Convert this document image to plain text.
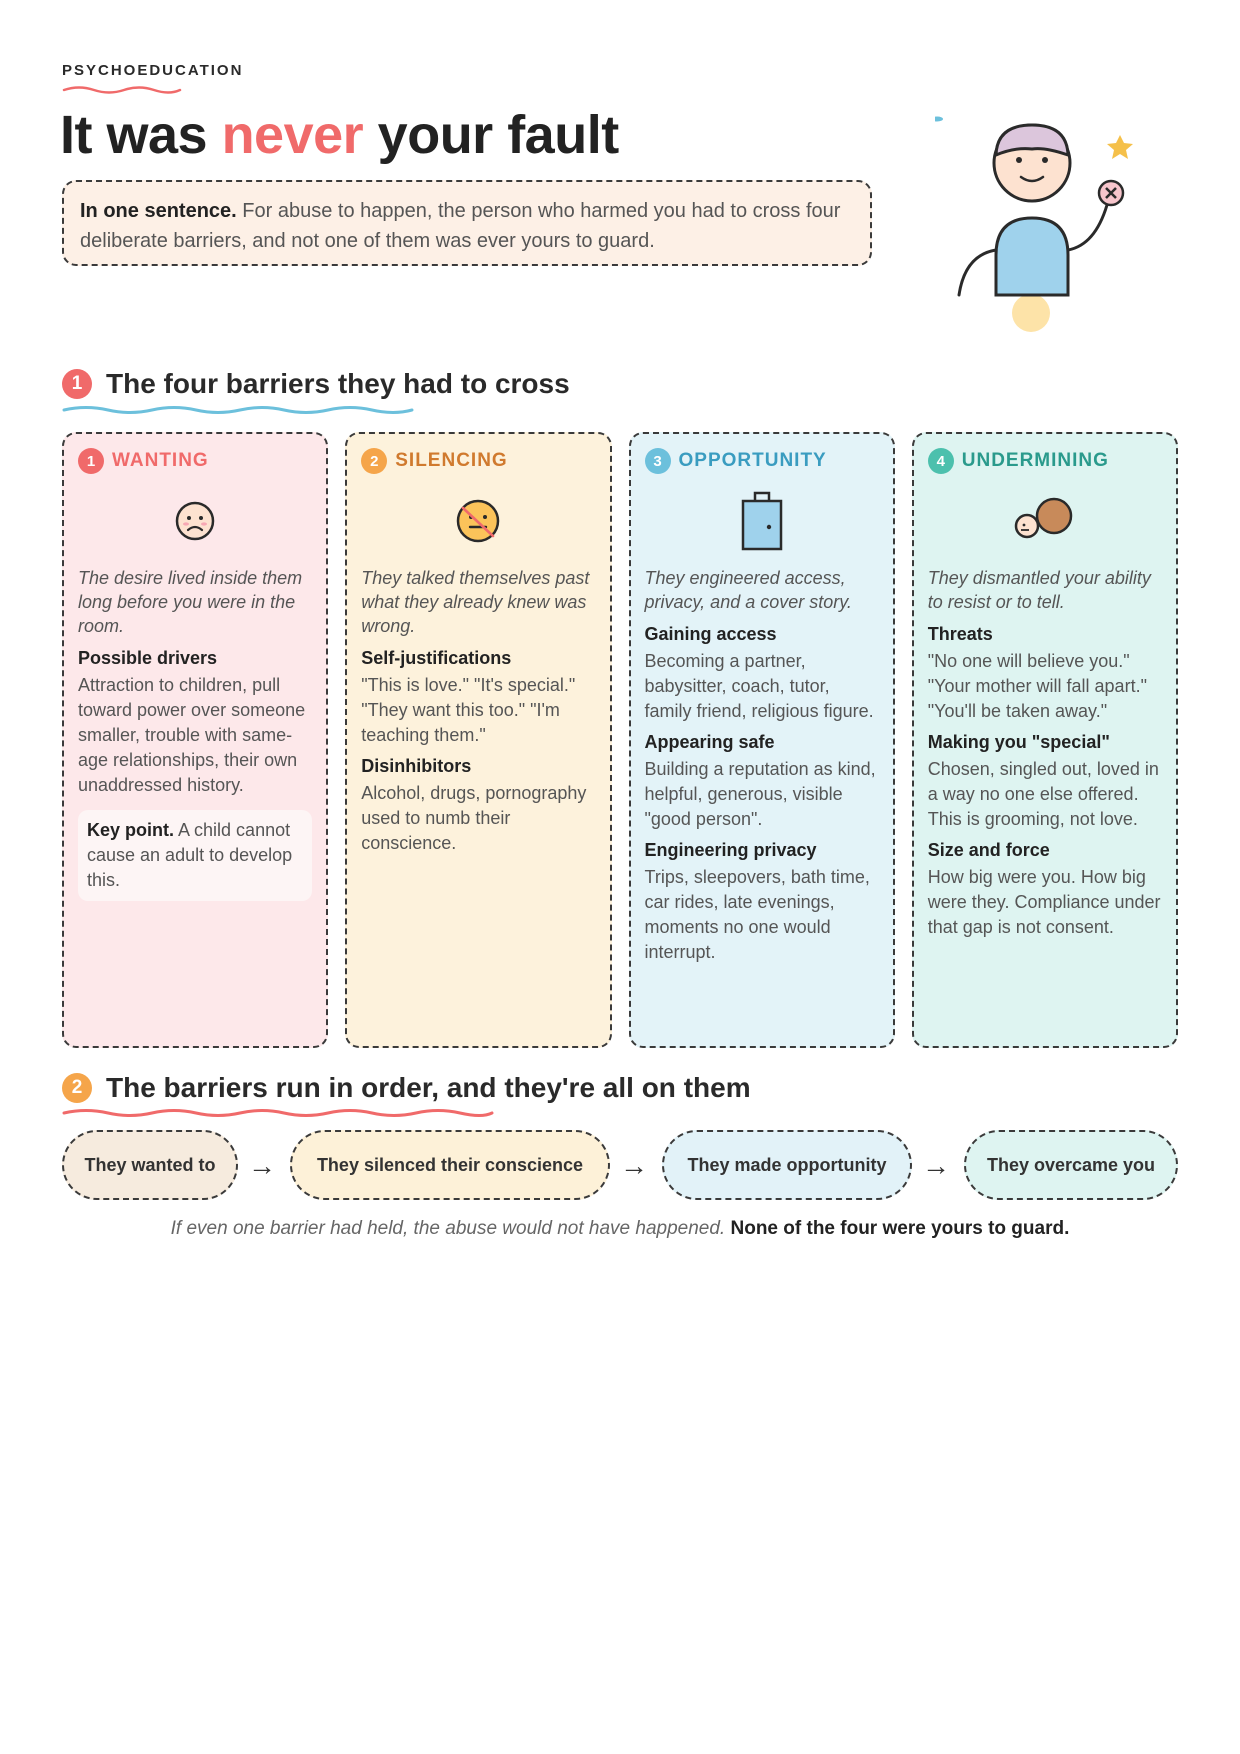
PSYCHOEDUCATION
It was never your fault
In one sentence. For abuse to happen, the person who harmed you had to cross four deliberate barriers, and not one of them was ever yours to guard.
1 The four barriers they had to cross
1 WANTING
The desire lived inside them long before you were in the room.
Possible drivers
Attraction to children, pull toward power over someone smaller, trouble with same-age relationships, their own unaddressed history.
Key point. A child cannot cause an adult to develop this.
2 SILENCING
They talked themselves past what they already knew was wrong.
Self-justifications
"This is love." "It's special." "They want this too." "I'm teaching them."
Disinhibitors
Alcohol, drugs, pornography used to numb their conscience.
3 OPPORTUNITY
They engineered access, privacy, and a cover story.
Gaining access
Becoming a partner, babysitter, coach, tutor, family friend, religious figure.
Appearing safe
Building a reputation as kind, helpful, generous, visible "good person".
Engineering privacy
Trips, sleepovers, bath time, car rides, late evenings, moments no one would interrupt.
4 UNDERMINING
They dismantled your ability to resist or to tell.
Threats
"No one will believe you." "Your mother will fall apart." "You'll be taken away."
Making you "special"
Chosen, singled out, loved in a way no one else offered. This is grooming, not love.
Size and force
How big were you. How big were they. Compliance under that gap is not consent.
2 The barriers run in order, and they're all on them
They wanted to	→	They silenced their conscience	→	They made opportunity	→	They overcame you
If even one barrier had held, the abuse would not have happened. None of the four were yours to guard.
